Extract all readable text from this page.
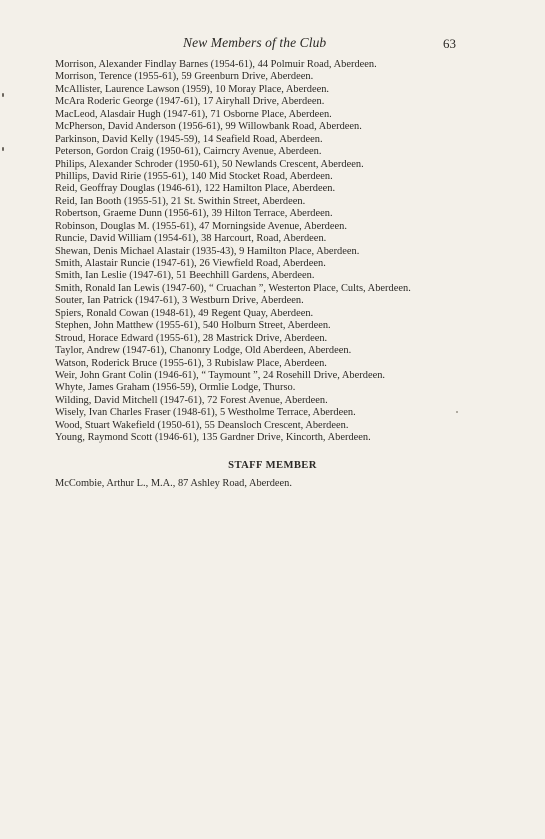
New Members of the Club	63
Morrison, Alexander Findlay Barnes (1954-61), 44 Polmuir Road, Aberdeen.
Morrison, Terence (1955-61), 59 Greenburn Drive, Aberdeen.
McAllister, Laurence Lawson (1959), 10 Moray Place, Aberdeen.
McAra Roderic George (1947-61), 17 Airyhall Drive, Aberdeen.
MacLeod, Alasdair Hugh (1947-61), 71 Osborne Place, Aberdeen.
McPherson, David Anderson (1956-61), 99 Willowbank Road, Aberdeen.
Parkinson, David Kelly (1945-59), 14 Seafield Road, Aberdeen.
Peterson, Gordon Craig (1950-61), Cairncry Avenue, Aberdeen.
Philips, Alexander Schroder (1950-61), 50 Newlands Crescent, Aberdeen.
Phillips, David Ririe (1955-61), 140 Mid Stocket Road, Aberdeen.
Reid, Geoffray Douglas (1946-61), 122 Hamilton Place, Aberdeen.
Reid, Ian Booth (1955-51), 21 St. Swithin Street, Aberdeen.
Robertson, Graeme Dunn (1956-61), 39 Hilton Terrace, Aberdeen.
Robinson, Douglas M. (1955-61), 47 Morningside Avenue, Aberdeen.
Runcie, David William (1954-61), 38 Harcourt, Road, Aberdeen.
Shewan, Denis Michael Alastair (1935-43), 9 Hamilton Place, Aberdeen.
Smith, Alastair Runcie (1947-61), 26 Viewfield Road, Aberdeen.
Smith, Ian Leslie (1947-61), 51 Beechhill Gardens, Aberdeen.
Smith, Ronald Ian Lewis (1947-60), “ Cruachan ”, Westerton Place, Cults, Aberdeen.
Souter, Ian Patrick (1947-61), 3 Westburn Drive, Aberdeen.
Spiers, Ronald Cowan (1948-61), 49 Regent Quay, Aberdeen.
Stephen, John Matthew (1955-61), 540 Holburn Street, Aberdeen.
Stroud, Horace Edward (1955-61), 28 Mastrick Drive, Aberdeen.
Taylor, Andrew (1947-61), Chanonry Lodge, Old Aberdeen, Aberdeen.
Watson, Roderick Bruce (1955-61), 3 Rubislaw Place, Aberdeen.
Weir, John Grant Colin (1946-61), “ Taymount ”, 24 Rosehill Drive, Aberdeen.
Whyte, James Graham (1956-59), Ormlie Lodge, Thurso.
Wilding, David Mitchell (1947-61), 72 Forest Avenue, Aberdeen.
Wisely, Ivan Charles Fraser (1948-61), 5 Westholme Terrace, Aberdeen.
Wood, Stuart Wakefield (1950-61), 55 Deansloch Crescent, Aberdeen.
Young, Raymond Scott (1946-61), 135 Gardner Drive, Kincorth, Aberdeen.
STAFF MEMBER
McCombie, Arthur L., M.A., 87 Ashley Road, Aberdeen.
